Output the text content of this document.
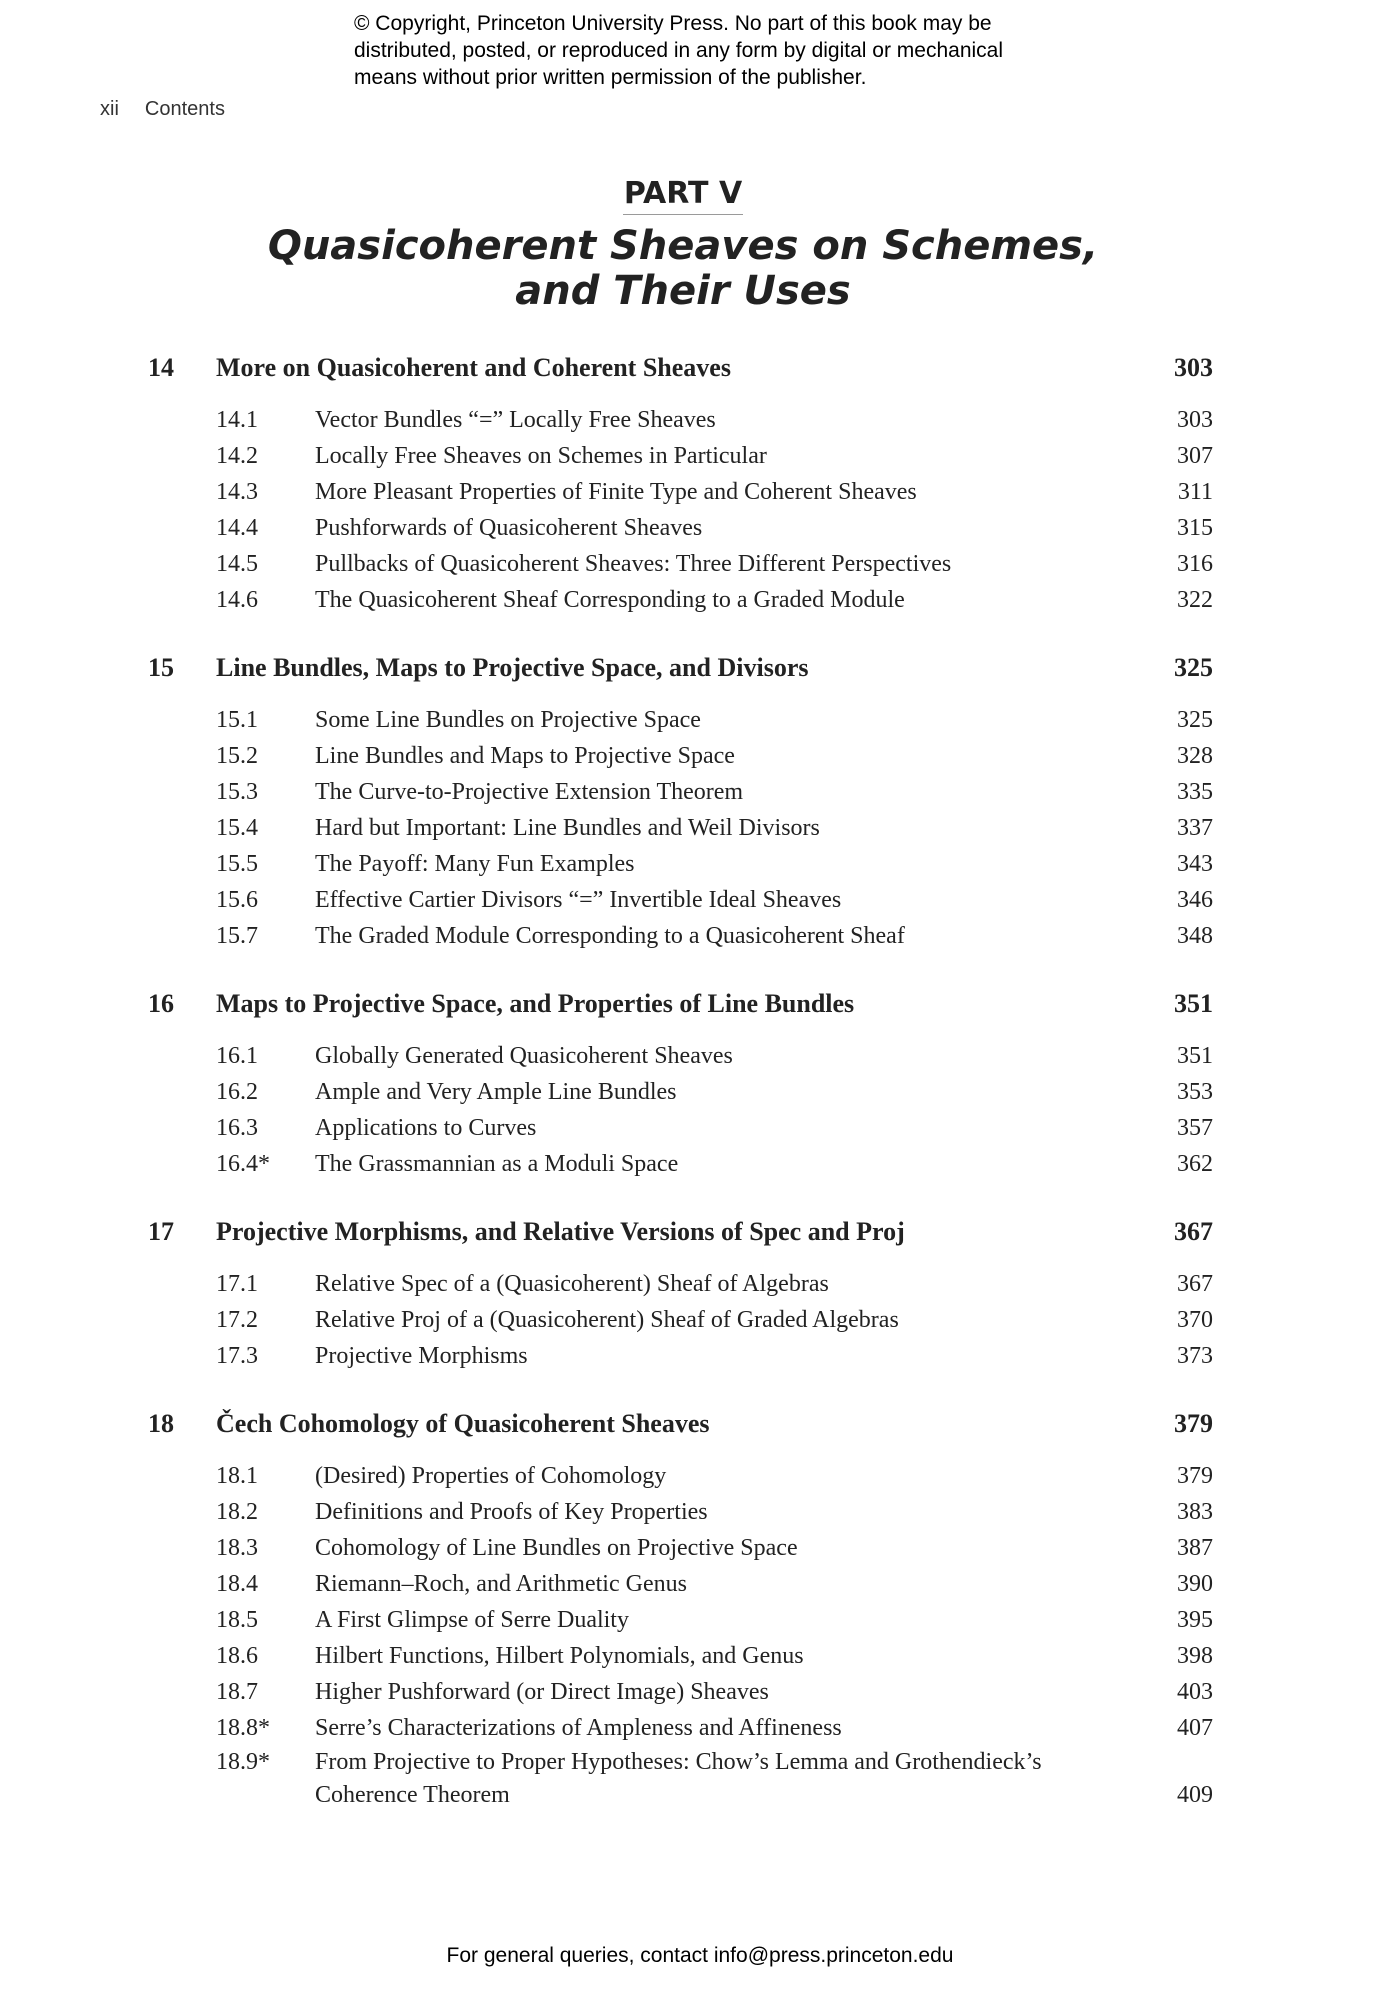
© Copyright, Princeton University Press. No part of this book may be
distributed, posted, or reproduced in any form by digital or mechanical
means without prior written permission of the publisher.
xii Contents
PART V
Quasicoherent Sheaves on Schemes,
and Their Uses
14 More on Quasicoherent and Coherent Sheaves	303
14.1 Vector Bundles “=” Locally Free Sheaves	303
14.2 Locally Free Sheaves on Schemes in Particular	307
14.3 More Pleasant Properties of Finite Type and Coherent Sheaves	311
14.4 Pushforwards of Quasicoherent Sheaves	315
14.5 Pullbacks of Quasicoherent Sheaves: Three Different Perspectives	316
14.6 The Quasicoherent Sheaf Corresponding to a Graded Module	322
15 Line Bundles, Maps to Projective Space, and Divisors	325
15.1 Some Line Bundles on Projective Space	325
15.2 Line Bundles and Maps to Projective Space	328
15.3 The Curve-to-Projective Extension Theorem	335
15.4 Hard but Important: Line Bundles and Weil Divisors	337
15.5 The Payoff: Many Fun Examples	343
15.6 Effective Cartier Divisors “=” Invertible Ideal Sheaves	346
15.7 The Graded Module Corresponding to a Quasicoherent Sheaf	348
16 Maps to Projective Space, and Properties of Line Bundles	351
16.1 Globally Generated Quasicoherent Sheaves	351
16.2 Ample and Very Ample Line Bundles	353
16.3 Applications to Curves	357
16.4* The Grassmannian as a Moduli Space	362
17 Projective Morphisms, and Relative Versions of Spec and Proj	367
17.1 Relative Spec of a (Quasicoherent) Sheaf of Algebras	367
17.2 Relative Proj of a (Quasicoherent) Sheaf of Graded Algebras	370
17.3 Projective Morphisms	373
18 Čech Cohomology of Quasicoherent Sheaves	379
18.1 (Desired) Properties of Cohomology	379
18.2 Definitions and Proofs of Key Properties	383
18.3 Cohomology of Line Bundles on Projective Space	387
18.4 Riemann–Roch, and Arithmetic Genus	390
18.5 A First Glimpse of Serre Duality	395
18.6 Hilbert Functions, Hilbert Polynomials, and Genus	398
18.7 Higher Pushforward (or Direct Image) Sheaves	403
18.8* Serre’s Characterizations of Ampleness and Affineness	407
18.9* From Projective to Proper Hypotheses: Chow’s Lemma and Grothendieck’s
Coherence Theorem	409
For general queries, contact info@press.princeton.edu
